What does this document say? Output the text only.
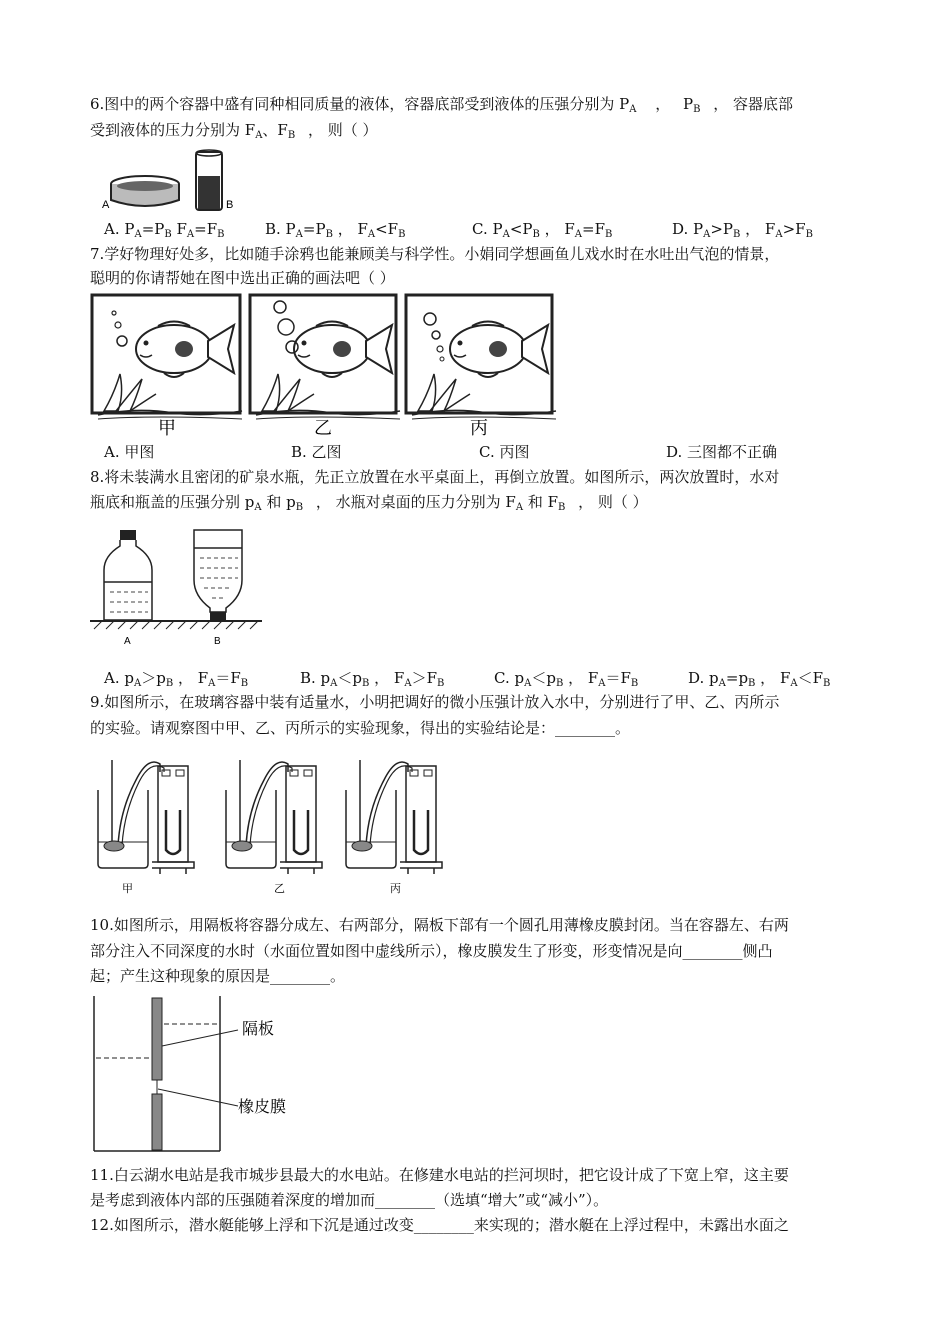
6.图中的两个容器中盛有同种相同质量的液体，容器底部受到液体的压强分别为 $P_A$ ， $P_B$ ， 容器底部
受到液体的压力分别为 $F_A$、$F_B$ ， 则（ ）
A	B
A. $P_A=P_B$ $F_A=F_B$	B. $P_A=P_B$ ， $F_A<F_B$	C. $P_A<P_B$ ， $F_A=F_B$	D. $P_A>P_B$ ， $F_A>F_B$
7.学好物理好处多，比如随手涂鸦也能兼顾美与科学性。小娟同学想画鱼儿戏水时在水吐出气泡的情景，
聪明的你请帮她在图中选出正确的画法吧（ ）
甲	乙	丙
A. 甲图	B. 乙图	C. 丙图	D. 三图都不正确
8.将未装满水且密闭的矿泉水瓶，先正立放置在水平桌面上，再倒立放置。如图所示，两次放置时，水对
瓶底和瓶盖的压强分别 $p_A$ 和 $p_B$ ， 水瓶对桌面的压力分别为 $F_A$ 和 $F_B$ ， 则（ ）
A	B
A. $p_A>p_B$ ， $F_A=F_B$	B. $p_A<p_B$ ， $F_A>F_B$	C. $p_A<p_B$ ， $F_A=F_B$	D. $p_A=p_B$ ， $F_A<F_B$
9.如图所示，在玻璃容器中装有适量水，小明把调好的微小压强计放入水中，分别进行了甲、乙、丙所示
的实验。请观察图中甲、乙、丙所示的实验现象，得出的实验结论是：________。
甲	乙	丙
10.如图所示，用隔板将容器分成左、右两部分，隔板下部有一个圆孔用薄橡皮膜封闭。当在容器左、右两
部分注入不同深度的水时（水面位置如图中虚线所示），橡皮膜发生了形变，形变情况是向________侧凸
起；产生这种现象的原因是________。
隔板
橡皮膜
11.白云湖水电站是我市城步县最大的水电站。在修建水电站的拦河坝时，把它设计成了下宽上窄，这主要
是考虑到液体内部的压强随着深度的增加而________（选填“增大”或“减小”）。
12.如图所示，潜水艇能够上浮和下沉是通过改变________来实现的；潜水艇在上浮过程中，未露出水面之
